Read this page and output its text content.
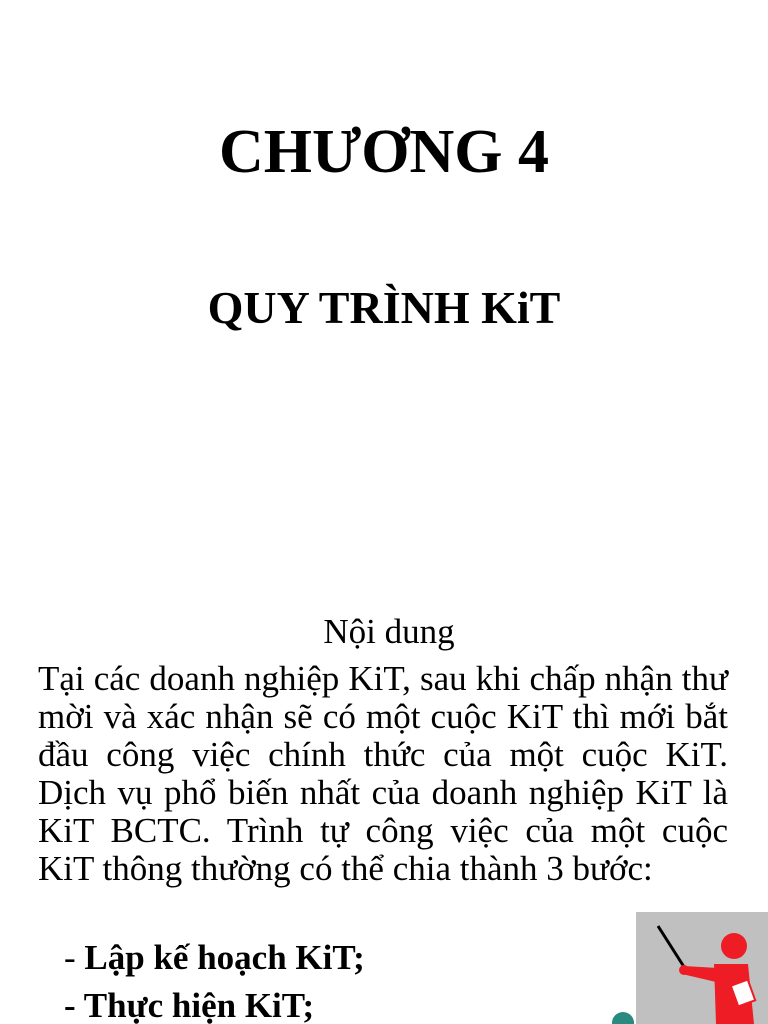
CHƯƠNG 4
QUY TRÌNH KiT

Nội dung

Tại các doanh nghiệp KiT, sau khi chấp nhận thư mời và xác nhận sẽ có một cuộc KiT thì mới bắt đầu công việc chính thức của một cuộc KiT. Dịch vụ phổ biến nhất của doanh nghiệp KiT là KiT BCTC. Trình tự công việc của một cuộc KiT thông thường có thể chia thành 3 bước:

- Lập kế hoạch KiT;
- Thực hiện KiT;
